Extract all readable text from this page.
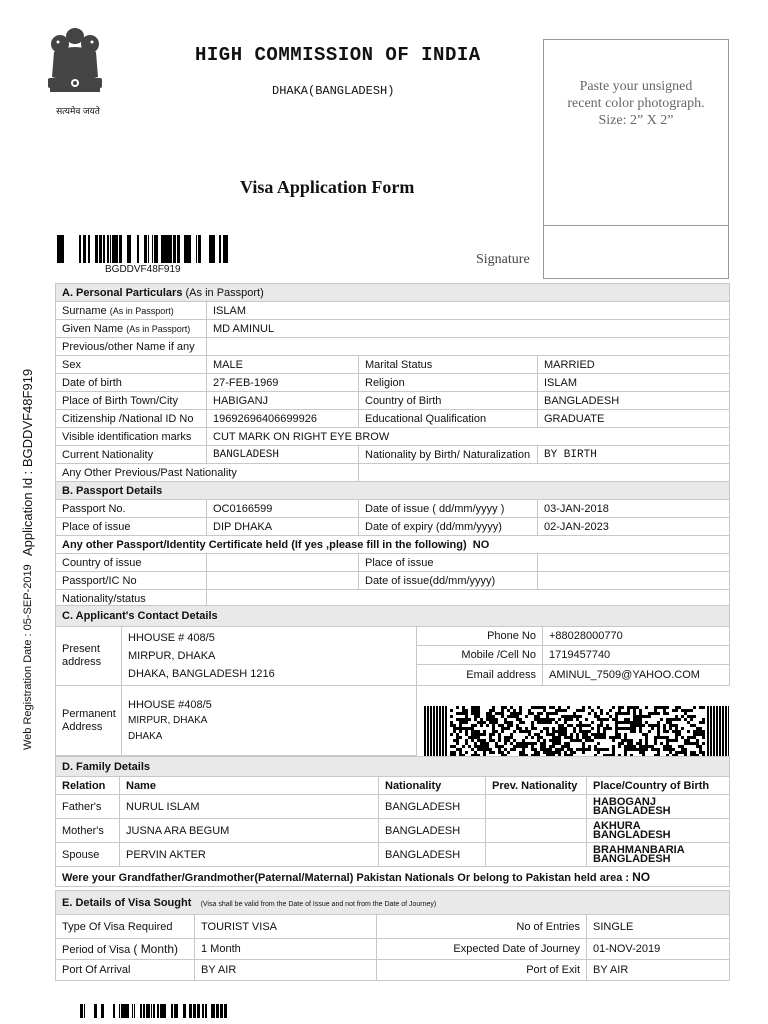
सत्यमेव जयते
HIGH COMMISSION OF INDIA
DHAKA(BANGLADESH)
Visa Application Form
Paste your unsigned
recent color photograph.
Size: 2” X 2”
Signature
BGDDVF48F919
Application Id : BGDDVF48F919
Web Registration Date : 05-SEP-2019
A. Personal Particulars (As in Passport)			
Surname (As in Passport)	ISLAM		
Given Name (As in Passport)	MD AMINUL		
Previous/other Name if any			
Sex	MALE	Marital Status	MARRIED
Date of birth	27-FEB-1969	Religion	ISLAM
Place of Birth Town/City	HABIGANJ	Country of Birth	BANGLADESH
Citizenship /National ID No	19692696406699926	Educational Qualification	GRADUATE
Visible identification marks	CUT MARK ON RIGHT EYE BROW		
Current Nationality	BANGLADESH	Nationality by Birth/ Naturalization	BY BIRTH
Any Other Previous/Past Nationality			
B. Passport Details			
Passport No.	OC0166599	Date of issue ( dd/mm/yyyy )	03-JAN-2018
Place of issue	DIP DHAKA	Date of expiry (dd/mm/yyyy)	02-JAN-2023
Any other Passport/Identity Certificate held (If yes ,please fill in the following) NO			
Country of issue		Place of issue	
Passport/IC No		Date of issue(dd/mm/yyyy)	
Nationality/status			
C. Applicant's Contact Details			
Present address	HHOUSE # 408/5
MIRPUR, DHAKA
DHAKA, BANGLADESH 1216	Phone No	+88028000770
		Mobile /Cell No	1719457740
		Email address	AMINUL_7509@YAHOO.COM
Permanent Address	HHOUSE #408/5
MIRPUR, DHAKA
DHAKA		

D. Family Details				
Relation	Name	Nationality	Prev. Nationality	Place/Country of Birth
Father's	NURUL ISLAM	BANGLADESH		HABOGANJ
BANGLADESH

Mother's	JUSNA ARA BEGUM	BANGLADESH		AKHURA
BANGLADESH

Spouse	PERVIN AKTER	BANGLADESH		BRAHMANBARIA
BANGLADESH

Were your Grandfather/Grandmother(Paternal/Maternal) Pakistan Nationals Or belong to Pakistan held area : NO				
E. Details of Visa Sought (Visa shall be valid from the Date of Issue and not from the Date of Journey)			
Type Of Visa Required	TOURIST VISA	No of Entries	SINGLE
Period of Visa ( Month)	1 Month	Expected Date of Journey	01-NOV-2019
Port Of Arrival	BY AIR	Port of Exit	BY AIR
